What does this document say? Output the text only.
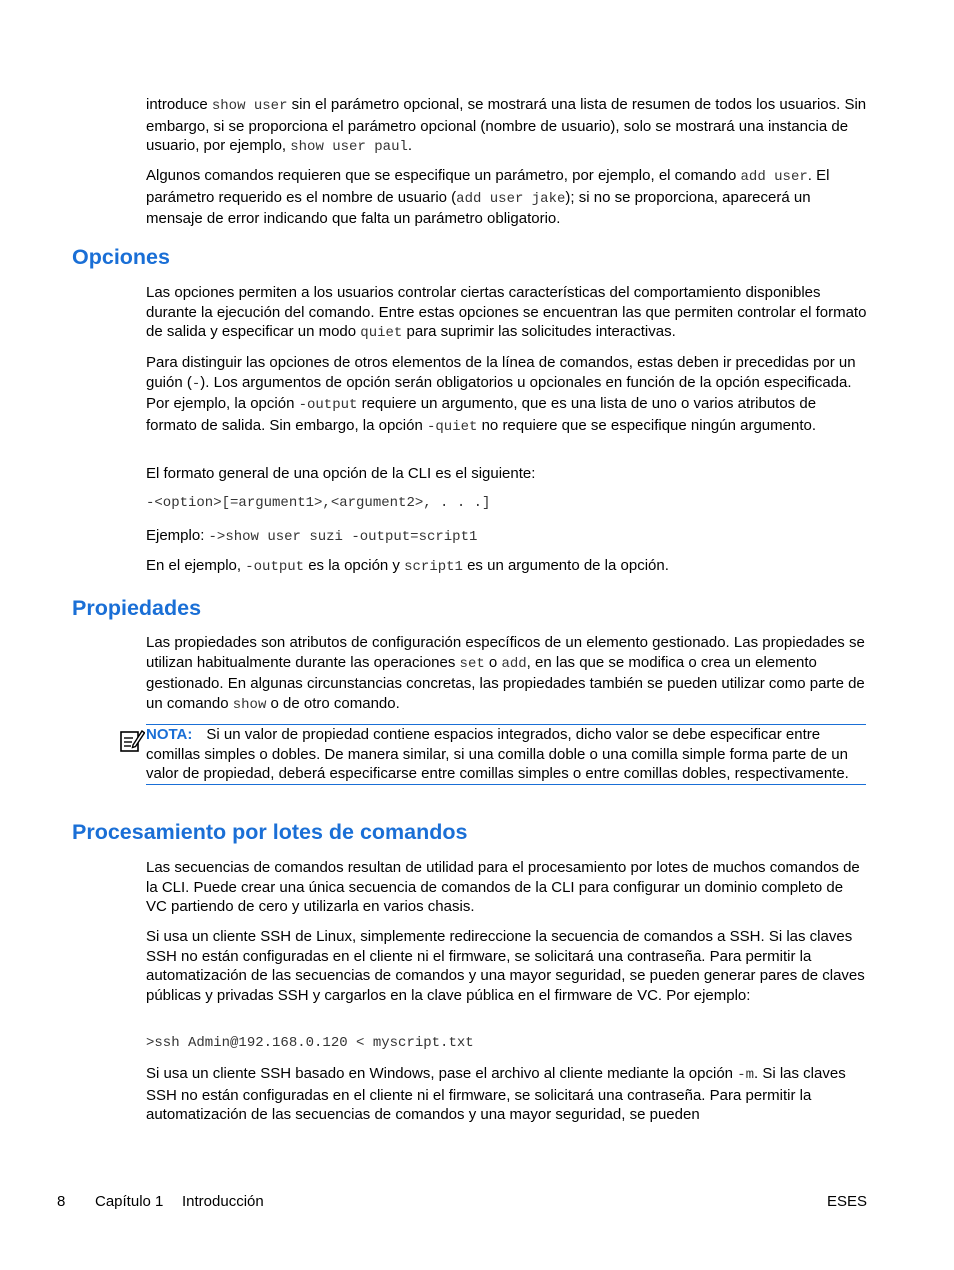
introduce show user sin el parámetro opcional, se mostrará una lista de resumen de todos los usuarios. Sin embargo, si se proporciona el parámetro opcional (nombre de usuario), solo se mostrará una instancia de usuario, por ejemplo, show user paul.

Algunos comandos requieren que se especifique un parámetro, por ejemplo, el comando add user. El parámetro requerido es el nombre de usuario (add user jake); si no se proporciona, aparecerá un mensaje de error indicando que falta un parámetro obligatorio.

Opciones

Las opciones permiten a los usuarios controlar ciertas características del comportamiento disponibles durante la ejecución del comando. Entre estas opciones se encuentran las que permiten controlar el formato de salida y especificar un modo quiet para suprimir las solicitudes interactivas.

Para distinguir las opciones de otros elementos de la línea de comandos, estas deben ir precedidas por un guión (-). Los argumentos de opción serán obligatorios u opcionales en función de la opción especificada. Por ejemplo, la opción -output requiere un argumento, que es una lista de uno o varios atributos de formato de salida. Sin embargo, la opción -quiet no requiere que se especifique ningún argumento.

El formato general de una opción de la CLI es el siguiente:

-<option>[=argument1>,<argument2>, . . .]

Ejemplo: ->show user suzi -output=script1

En el ejemplo, -output es la opción y script1 es un argumento de la opción.

Propiedades

Las propiedades son atributos de configuración específicos de un elemento gestionado. Las propiedades se utilizan habitualmente durante las operaciones set o add, en las que se modifica o crea un elemento gestionado. En algunas circunstancias concretas, las propiedades también se pueden utilizar como parte de un comando show o de otro comando.

NOTA: Si un valor de propiedad contiene espacios integrados, dicho valor se debe especificar entre comillas simples o dobles. De manera similar, si una comilla doble o una comilla simple forma parte de un valor de propiedad, deberá especificarse entre comillas simples o entre comillas dobles, respectivamente.

Procesamiento por lotes de comandos

Las secuencias de comandos resultan de utilidad para el procesamiento por lotes de muchos comandos de la CLI. Puede crear una única secuencia de comandos de la CLI para configurar un dominio completo de VC partiendo de cero y utilizarla en varios chasis.

Si usa un cliente SSH de Linux, simplemente redireccione la secuencia de comandos a SSH. Si las claves SSH no están configuradas en el cliente ni el firmware, se solicitará una contraseña. Para permitir la automatización de las secuencias de comandos y una mayor seguridad, se pueden generar pares de claves públicas y privadas SSH y cargarlos en la clave pública en el firmware de VC. Por ejemplo:

>ssh Admin@192.168.0.120 < myscript.txt

Si usa un cliente SSH basado en Windows, pase el archivo al cliente mediante la opción -m. Si las claves SSH no están configuradas en el cliente ni el firmware, se solicitará una contraseña. Para permitir la automatización de las secuencias de comandos y una mayor seguridad, se pueden

8 Capítulo 1 Introducción	ESES
